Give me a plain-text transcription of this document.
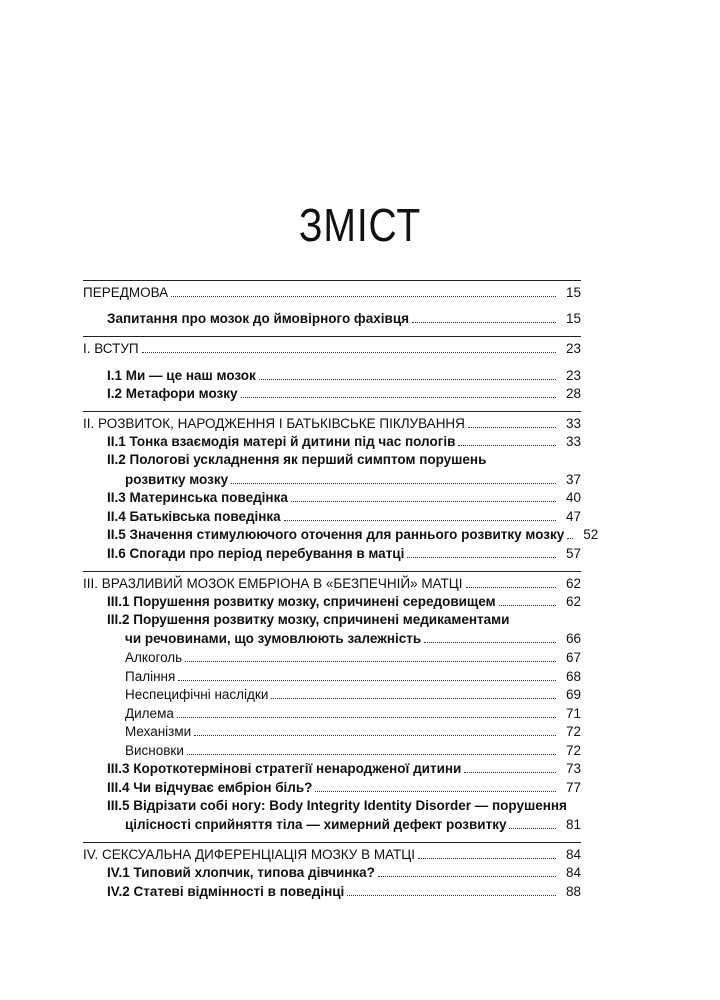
ЗМІСТ
ПЕРЕДМОВА	15
Запитання про мозок до ймовірного фахівця	15
I. ВСТУП	23
I.1 Ми — це наш мозок	23
I.2 Метафори мозку	28
II. РОЗВИТОК, НАРОДЖЕННЯ І БАТЬКІВСЬКЕ ПІКЛУВАННЯ	33
II.1 Тонка взаємодія матері й дитини під час пологів	33
II.2 Пологові ускладнення як перший симптом порушень
розвитку мозку	37
II.3 Материнська поведінка	40
II.4 Батьківська поведінка	47
II.5 Значення стимулюючого оточення для раннього розвитку мозку	52
II.6 Спогади про період перебування в матці	57
III. ВРАЗЛИВИЙ МОЗОК ЕМБРІОНА В «БЕЗПЕЧНІЙ» МАТЦІ	62
III.1 Порушення розвитку мозку, спричинені середовищем	62
III.2 Порушення розвитку мозку, спричинені медикаментами
чи речовинами, що зумовлюють залежність	66
Алкоголь	67
Паління	68
Неспецифічні наслідки	69
Дилема	71
Механізми	72
Висновки	72
III.3 Короткотермінові стратегії ненародженої дитини	73
III.4 Чи відчуває ембріон біль?	77
III.5 Відрізати собі ногу: Body Integrity Identity Disorder — порушення
цілісності сприйняття тіла — химерний дефект розвитку	81
IV. СЕКСУАЛЬНА ДИФЕРЕНЦІАЦІЯ МОЗКУ В МАТЦІ	84
IV.1 Типовий хлопчик, типова дівчинка?	84
IV.2 Статеві відмінності в поведінці	88
